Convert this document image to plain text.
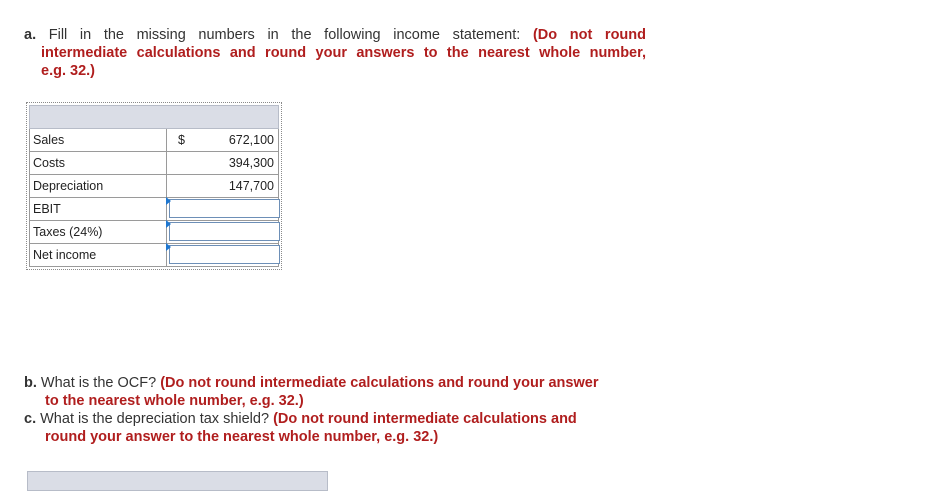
a. Fill in the missing numbers in the following income statement: (Do not round
intermediate calculations and round your answers to the nearest whole number,
e.g. 32.)
Sales	$	672,100
Costs	394,300
Depreciation	147,700
EBIT
Taxes (24%)
Net income
b. What is the OCF? (Do not round intermediate calculations and round your answer
to the nearest whole number, e.g. 32.)
c. What is the depreciation tax shield? (Do not round intermediate calculations and
round your answer to the nearest whole number, e.g. 32.)
